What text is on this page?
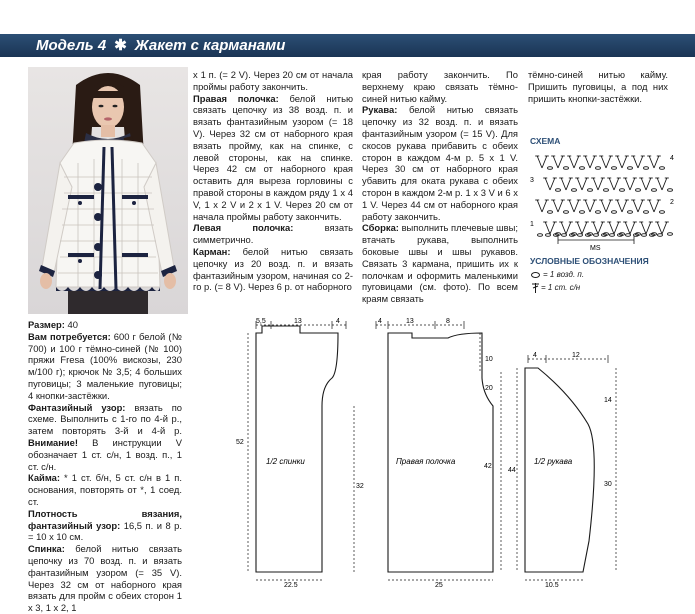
Модель 4 ✱ Жакет с карманами

Размер: 40

Вам потребуется: 600 г белой (№ 700) и 100 г тёмно-синей (№ 100) пряжи Fresa (100% вискозы, 230 м/100 г); крючок № 3,5; 4 больших пуговицы; 3 маленькие пуговицы; 4 кнопки-застёжки.

Фантазийный узор: вязать по схеме. Выполнить с 1-го по 4-й р., затем повторять 3-й и 4-й р. Внимание! В инструкции V обозначает 1 ст. с/н, 1 возд. п., 1 ст. с/н.

Кайма: * 1 ст. б/н, 5 ст. с/н в 1 п. основания, повторять от *, 1 соед. ст.

Плотность вязания, фантазийный узор: 16,5 п. и 8 р. = 10 х 10 см.

Спинка: белой нитью связать цепочку из 70 возд. п. и вязать фантазийным узором (= 35 V). Через 32 см от наборного края вязать для пройм с обеих сторон 1 х 3, 1 х 2, 1

х 1 п. (= 2 V). Через 20 см от начала проймы работу закончить.

Правая полочка: белой нитью связать цепочку из 38 возд. п. и вязать фантазийным узором (= 18 V). Через 32 см от наборного края вязать пройму, как на спинке, с левой стороны, как на спинке. Через 42 см от наборного края оставить для выреза горловины с правой стороны в каждом ряду 1 х 4 V, 1 х 2 V и 2 х 1 V. Через 20 см от начала проймы работу закончить.

Левая полочка:	вязать симметрично.

Карман: белой нитью связать цепочку из 20 возд. п. и вязать фантазийным узором, начиная со 2-го р. (= 8 V). Через 6 р. от наборного

края работу закончить. По верхнему краю связать тёмно-синей нитью кайму.

Рукава: белой нитью связать цепочку из 32 возд. п. и вязать фантазийным узором (= 15 V). Для скосов рукава прибавить с обеих сторон в каждом 4-м р. 5 х 1 V. Через 30 см от наборного края убавить для оката рукава с обеих сторон в каждом 2-м р. 1 х 3 V и 6 х 1 V. Через 44 см от наборного края работу закончить.

Сборка: выполнить плечевые швы; втачать рукава, выполнить боковые швы и швы рукавов. Связать 3 кармана, пришить их к полочкам и оформить маленькими пуговицами (см. фото). По всем краям связать

тёмно-синей нитью кайму. Пришить пуговицы, а под них пришить кнопки-застёжки.

СХЕМА
4
3
2
1
MS
УСЛОВНЫЕ ОБОЗНАЧЕНИЯ
= 1 возд. п.
= 1 ст. с/н
1/2 спинки
5,5	13	4
52
32
22,5
Правая полочка
4	13	8
10
20
42
25
1/2 рукава
4	12
14
44
30
10,5
